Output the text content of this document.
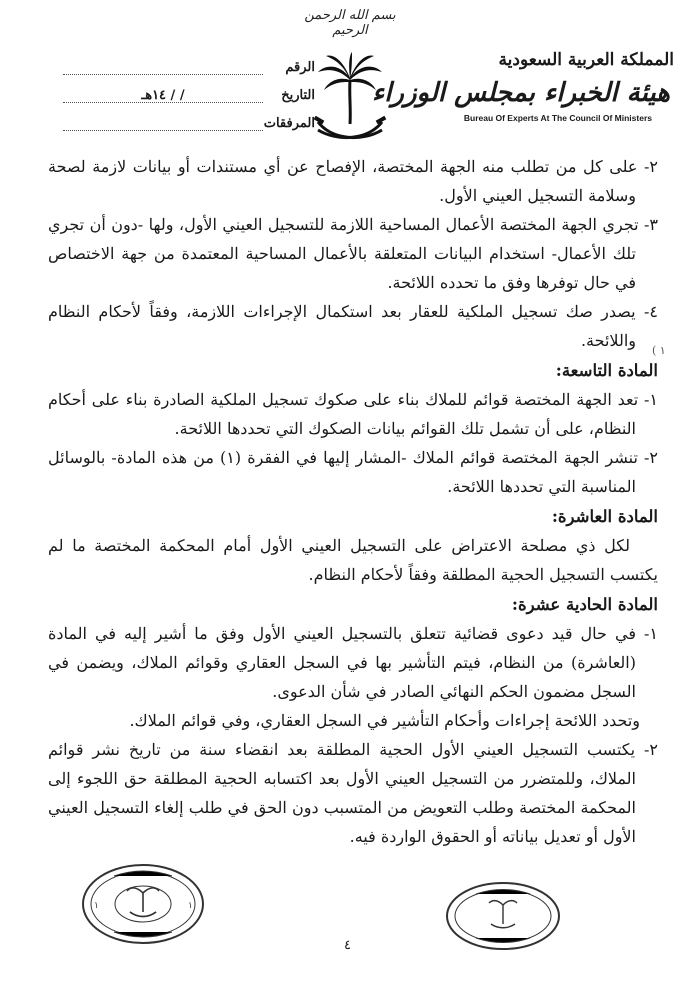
بسم الله الرحمن الرحيم
المملكة العربية السعودية
هيئة الخبراء بمجلس الوزراء
Bureau Of Experts At The Council Of Ministers
الرقم
التاريخ
/ / ١٤هـ
المرفقات

٢- على كل من تطلب منه الجهة المختصة، الإفصاح عن أي مستندات أو بيانات لازمة لصحة وسلامة التسجيل العيني الأول.

٣- تجري الجهة المختصة الأعمال المساحية اللازمة للتسجيل العيني الأول، ولها -دون أن تجري تلك الأعمال- استخدام البيانات المتعلقة بالأعمال المساحية المعتمدة من جهة الاختصاص في حال توفرها وفق ما تحدده اللائحة.

٤- يصدر صك تسجيل الملكية للعقار بعد استكمال الإجراءات اللازمة، وفقاً لأحكام النظام واللائحة.

المادة التاسعة:

١- تعد الجهة المختصة قوائم للملاك بناء على صكوك تسجيل الملكية الصادرة بناء على أحكام النظام، على أن تشمل تلك القوائم بيانات الصكوك التي تحددها اللائحة.

٢- تنشر الجهة المختصة قوائم الملاك -المشار إليها في الفقرة (١) من هذه المادة- بالوسائل المناسبة التي تحددها اللائحة.

المادة العاشرة:

لكل ذي مصلحة الاعتراض على التسجيل العيني الأول أمام المحكمة المختصة ما لم يكتسب التسجيل الحجية المطلقة وفقاً لأحكام النظام.

المادة الحادية عشرة:

١- في حال قيد دعوى قضائية تتعلق بالتسجيل العيني الأول وفق ما أشير إليه في المادة (العاشرة) من النظام، فيتم التأشير بها في السجل العقاري وقوائم الملاك، ويضمن في السجل مضمون الحكم النهائي الصادر في شأن الدعوى.

وتحدد اللائحة إجراءات وأحكام التأشير في السجل العقاري، وفي قوائم الملاك.

٢- يكتسب التسجيل العيني الأول الحجية المطلقة بعد انقضاء سنة من تاريخ نشر قوائم الملاك، وللمتضرر من التسجيل العيني الأول بعد اكتسابه الحجية المطلقة حق اللجوء إلى المحكمة المختصة وطلب التعويض من المتسبب دون الحق في طلب إلغاء التسجيل العيني الأول أو تعديل بياناته أو الحقوق الواردة فيه.

( ١
١	١
٤
